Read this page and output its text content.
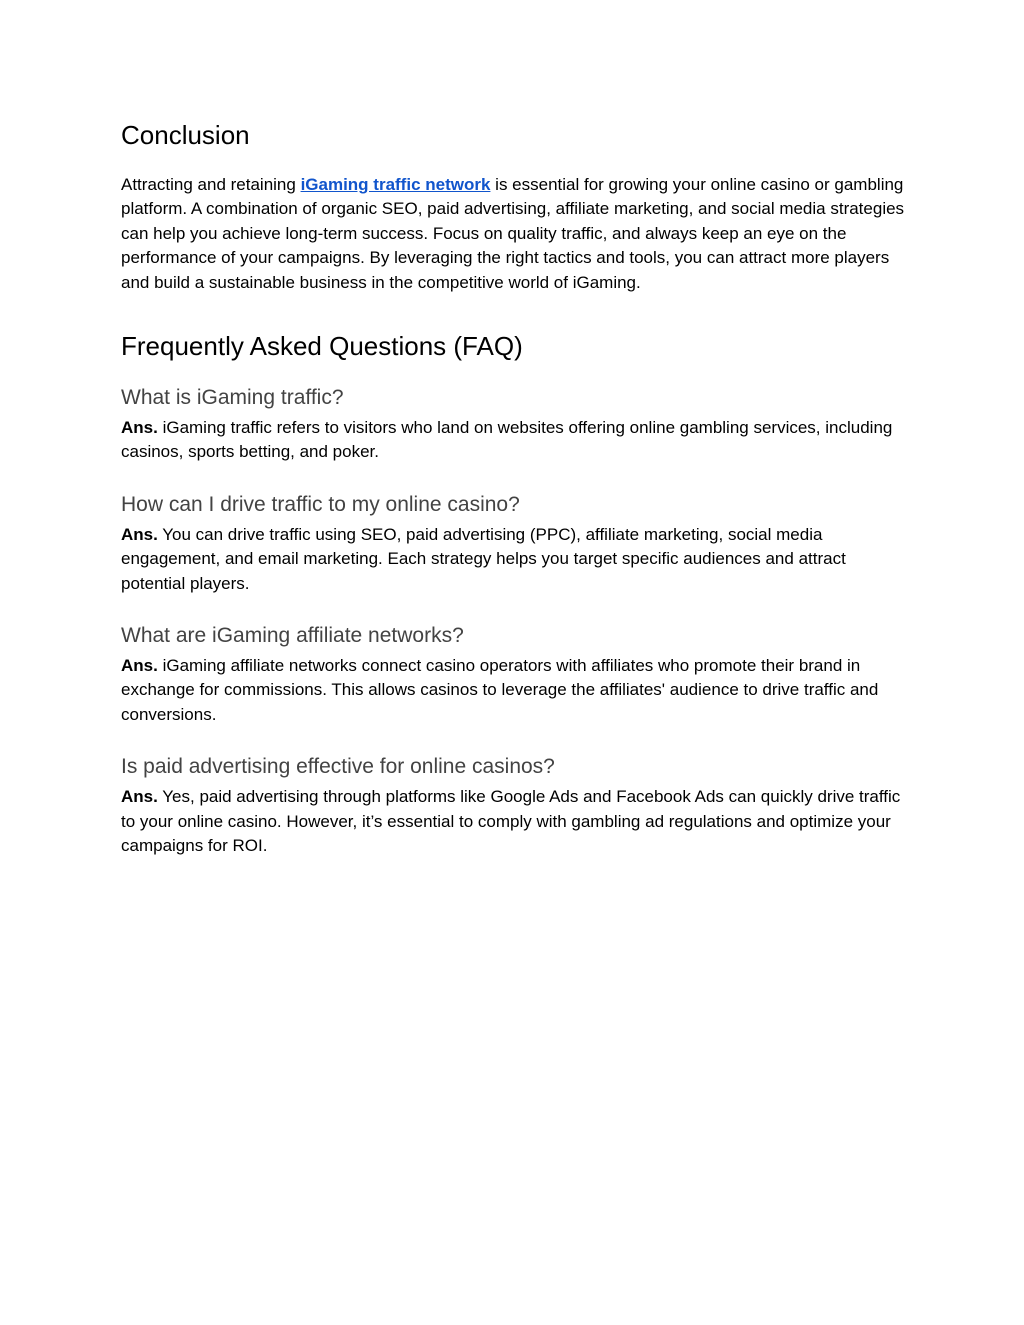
Conclusion

Attracting and retaining iGaming traffic network is essential for growing your online casino or gambling platform. A combination of organic SEO, paid advertising, affiliate marketing, and social media strategies can help you achieve long-term success. Focus on quality traffic, and always keep an eye on the performance of your campaigns. By leveraging the right tactics and tools, you can attract more players and build a sustainable business in the competitive world of iGaming.

Frequently Asked Questions (FAQ)
What is iGaming traffic?

Ans. iGaming traffic refers to visitors who land on websites offering online gambling services, including casinos, sports betting, and poker.

How can I drive traffic to my online casino?

Ans. You can drive traffic using SEO, paid advertising (PPC), affiliate marketing, social media engagement, and email marketing. Each strategy helps you target specific audiences and attract potential players.

What are iGaming affiliate networks?

Ans. iGaming affiliate networks connect casino operators with affiliates who promote their brand in exchange for commissions. This allows casinos to leverage the affiliates' audience to drive traffic and conversions.

Is paid advertising effective for online casinos?

Ans. Yes, paid advertising through platforms like Google Ads and Facebook Ads can quickly drive traffic to your online casino. However, it’s essential to comply with gambling ad regulations and optimize your campaigns for ROI.
